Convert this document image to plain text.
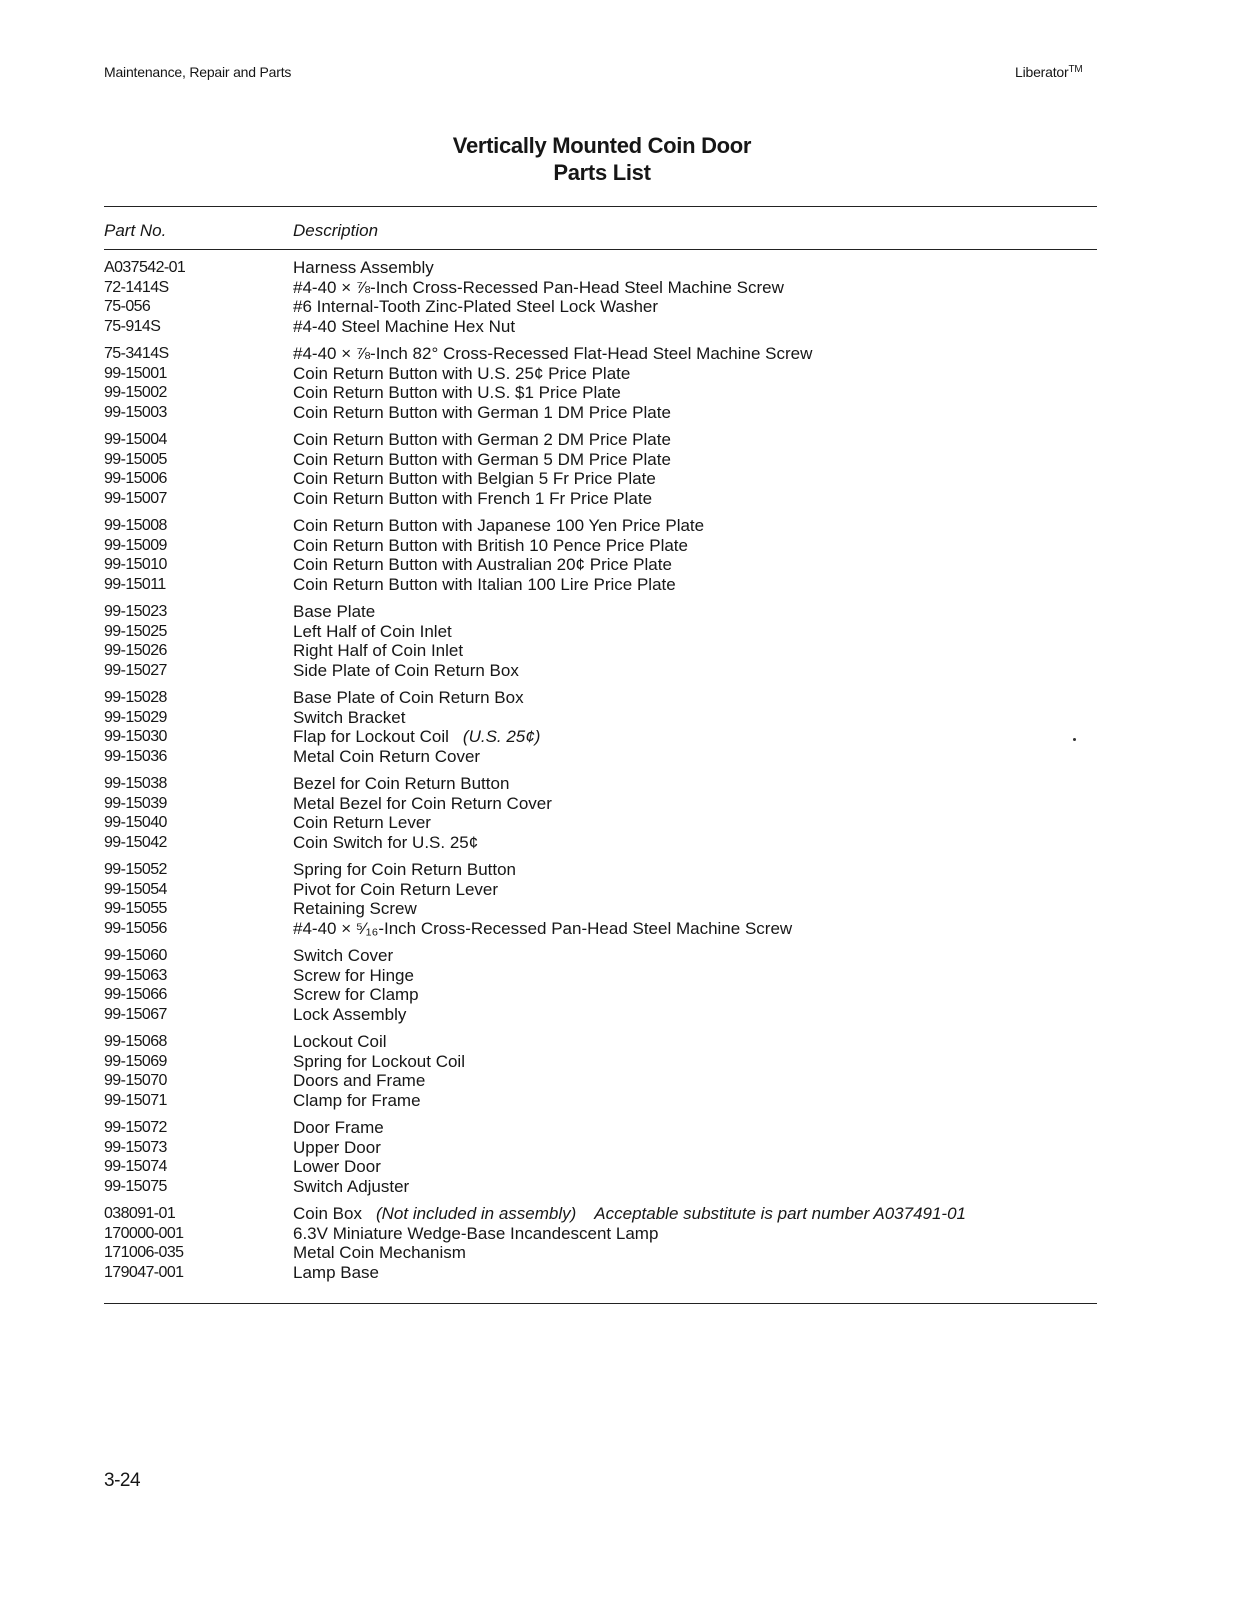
Maintenance, Repair and Parts	Liberator™
Vertically Mounted Coin Door
Parts List
Part No.	Description
A037542-01	Harness Assembly
72-1414S	#4-40 × ⅞-Inch Cross-Recessed Pan-Head Steel Machine Screw
75-056	#6 Internal-Tooth Zinc-Plated Steel Lock Washer
75-914S	#4-40 Steel Machine Hex Nut
75-3414S	#4-40 × ⅞-Inch 82° Cross-Recessed Flat-Head Steel Machine Screw
99-15001	Coin Return Button with U.S. 25¢ Price Plate
99-15002	Coin Return Button with U.S. $1 Price Plate
99-15003	Coin Return Button with German 1 DM Price Plate
99-15004	Coin Return Button with German 2 DM Price Plate
99-15005	Coin Return Button with German 5 DM Price Plate
99-15006	Coin Return Button with Belgian 5 Fr Price Plate
99-15007	Coin Return Button with French 1 Fr Price Plate
99-15008	Coin Return Button with Japanese 100 Yen Price Plate
99-15009	Coin Return Button with British 10 Pence Price Plate
99-15010	Coin Return Button with Australian 20¢ Price Plate
99-15011	Coin Return Button with Italian 100 Lire Price Plate
99-15023	Base Plate
99-15025	Left Half of Coin Inlet
99-15026	Right Half of Coin Inlet
99-15027	Side Plate of Coin Return Box
99-15028	Base Plate of Coin Return Box
99-15029	Switch Bracket
99-15030	Flap for Lockout Coil (U.S. 25¢)
99-15036	Metal Coin Return Cover
99-15038	Bezel for Coin Return Button
99-15039	Metal Bezel for Coin Return Cover
99-15040	Coin Return Lever
99-15042	Coin Switch for U.S. 25¢
99-15052	Spring for Coin Return Button
99-15054	Pivot for Coin Return Lever
99-15055	Retaining Screw
99-15056	#4-40 × ⁵⁄₁₆-Inch Cross-Recessed Pan-Head Steel Machine Screw
99-15060	Switch Cover
99-15063	Screw for Hinge
99-15066	Screw for Clamp
99-15067	Lock Assembly
99-15068	Lockout Coil
99-15069	Spring for Lockout Coil
99-15070	Doors and Frame
99-15071	Clamp for Frame
99-15072	Door Frame
99-15073	Upper Door
99-15074	Lower Door
99-15075	Switch Adjuster
038091-01	Coin Box (Not included in assembly) Acceptable substitute is part number A037491-01
170000-001	6.3V Miniature Wedge-Base Incandescent Lamp
171006-035	Metal Coin Mechanism
179047-001	Lamp Base
3-24
